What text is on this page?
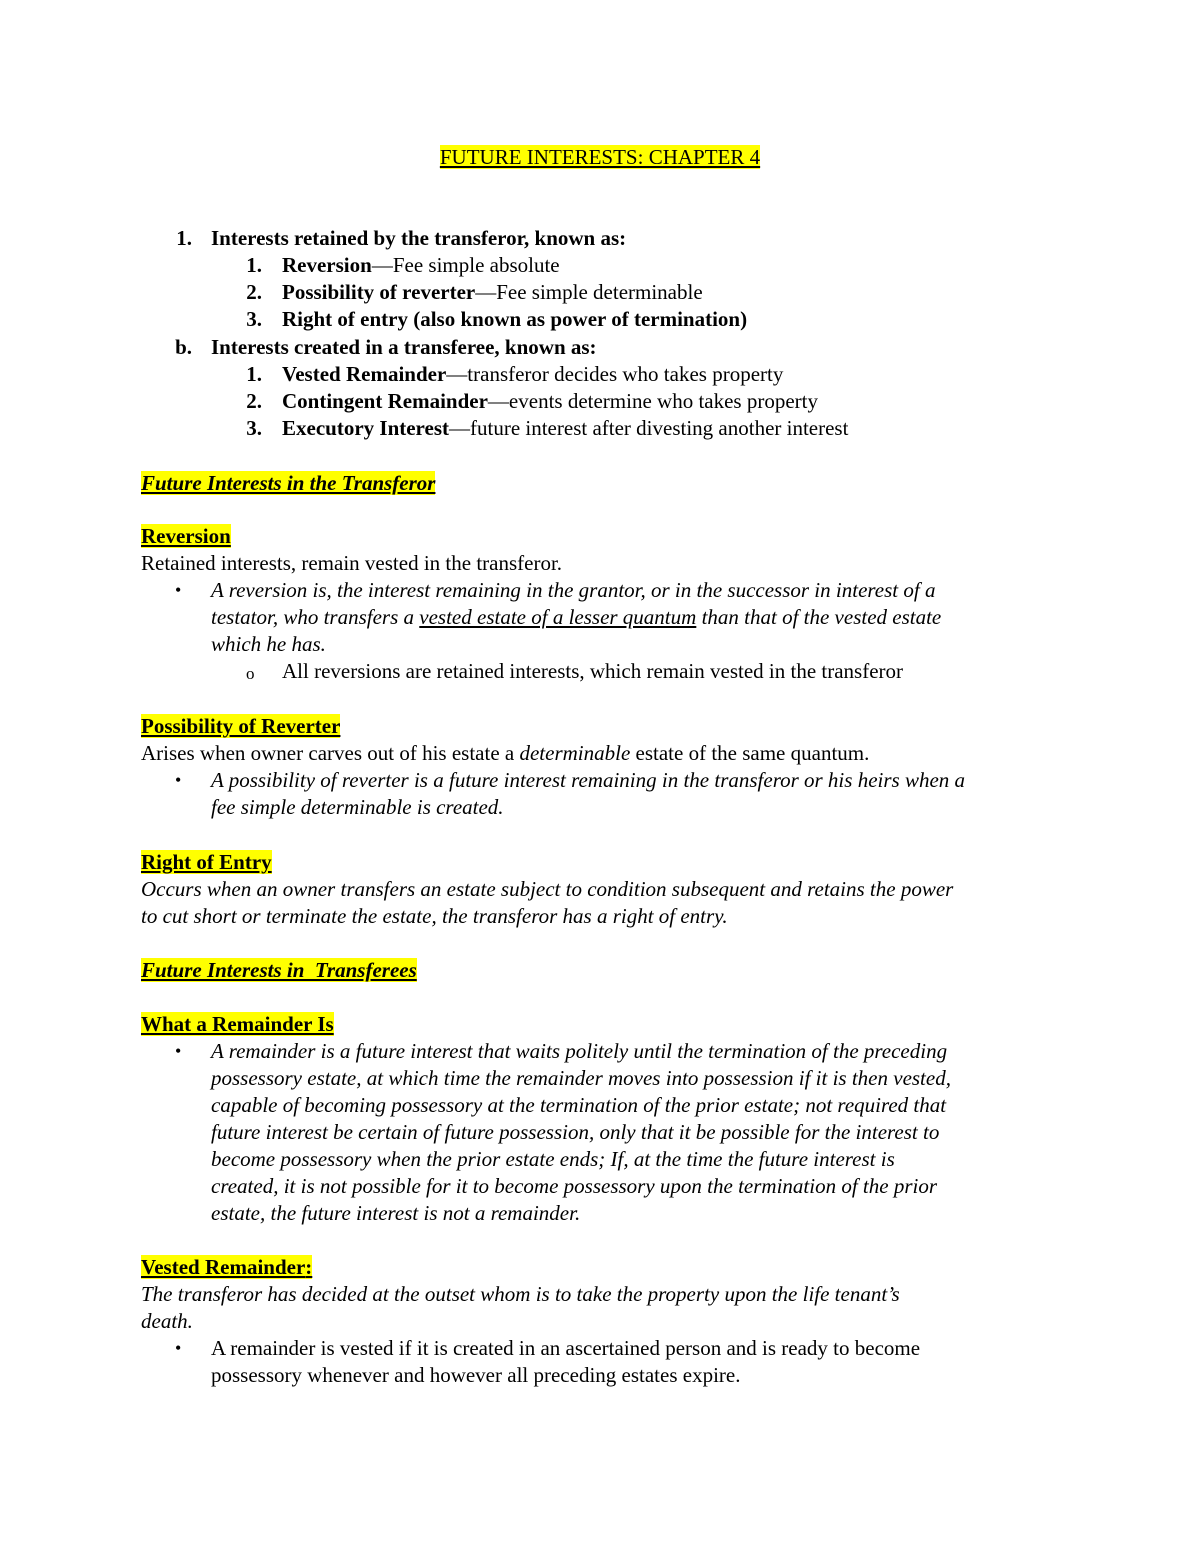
FUTURE INTERESTS: CHAPTER 4
1. Interests retained by the transferor, known as:
1. Reversion—Fee simple absolute
2. Possibility of reverter—Fee simple determinable
3. Right of entry (also known as power of termination)
b. Interests created in a transferee, known as:
1. Vested Remainder—transferor decides who takes property
2. Contingent Remainder—events determine who takes property
3. Executory Interest—future interest after divesting another interest
Future Interests in the Transferor
Reversion
Retained interests, remain vested in the transferor.
• A reversion is, the interest remaining in the grantor, or in the successor in interest of a
testator, who transfers a vested estate of a lesser quantum than that of the vested estate
which he has.
o All reversions are retained interests, which remain vested in the transferor
Possibility of Reverter
Arises when owner carves out of his estate a determinable estate of the same quantum.
• A possibility of reverter is a future interest remaining in the transferor or his heirs when a
fee simple determinable is created.
Right of Entry
Occurs when an owner transfers an estate subject to condition subsequent and retains the power
to cut short or terminate the estate, the transferor has a right of entry.
Future Interests in  Transferees
What a Remainder Is
• A remainder is a future interest that waits politely until the termination of the preceding
possessory estate, at which time the remainder moves into possession if it is then vested,
capable of becoming possessory at the termination of the prior estate; not required that
future interest be certain of future possession, only that it be possible for the interest to
become possessory when the prior estate ends; If, at the time the future interest is
created, it is not possible for it to become possessory upon the termination of the prior
estate, the future interest is not a remainder.
Vested Remainder:
The transferor has decided at the outset whom is to take the property upon the life tenant’s
death.
• A remainder is vested if it is created in an ascertained person and is ready to become
possessory whenever and however all preceding estates expire.
